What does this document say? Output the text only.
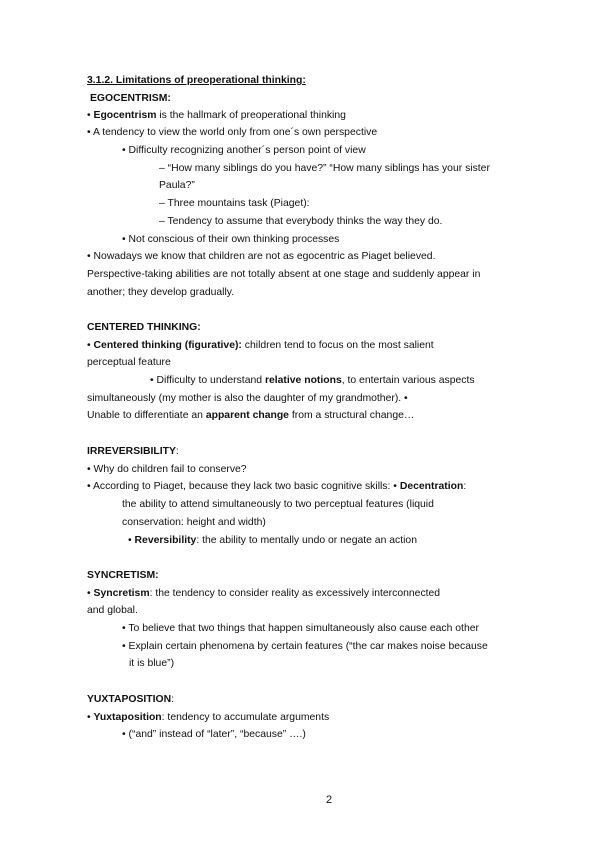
3.1.2. Limitations of preoperational thinking:
EGOCENTRISM:
• Egocentrism is the hallmark of preoperational thinking
• A tendency to view the world only from one´s own perspective
• Difficulty recognizing another´s person point of view
– “How many siblings do you have?” “How many siblings has your sister
Paula?”
– Three mountains task (Piaget):
– Tendency to assume that everybody thinks the way they do.
• Not conscious of their own thinking processes
• Nowadays we know that children are not as egocentric as Piaget believed.
Perspective-taking abilities are not totally absent at one stage and suddenly appear in
another; they develop gradually.
CENTERED THINKING:
• Centered thinking (figurative): children tend to focus on the most salient
perceptual feature
• Difficulty to understand relative notions, to entertain various aspects
simultaneously (my mother is also the daughter of my grandmother). •
Unable to differentiate an apparent change from a structural change…
IRREVERSIBILITY:
• Why do children fail to conserve?
• According to Piaget, because they lack two basic cognitive skills: • Decentration:
the ability to attend simultaneously to two perceptual features (liquid
conservation: height and width)
• Reversibility: the ability to mentally undo or negate an action
SYNCRETISM:
• Syncretism: the tendency to consider reality as excessively interconnected
and global.
• To believe that two things that happen simultaneously also cause each other
• Explain certain phenomena by certain features (“the car makes noise because
it is blue”)
YUXTAPOSITION:
• Yuxtaposition: tendency to accumulate arguments
• (“and” instead of “later”, “because” ….)
2
